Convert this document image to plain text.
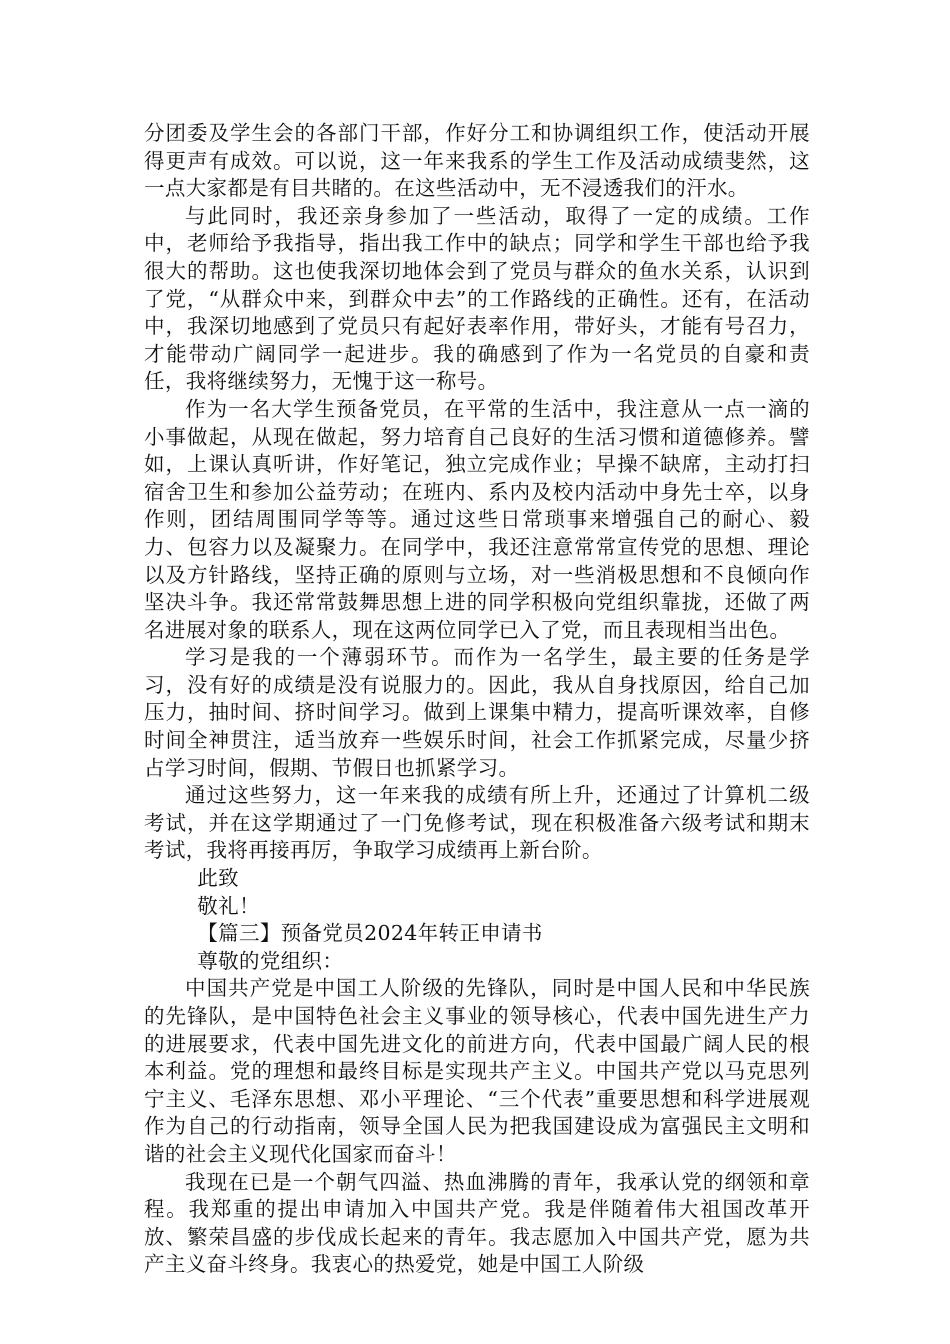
分团委及学生会的各部门干部，作好分工和协调组织工作，使活动开展得更声有成效。可以说，这一年来我系的学生工作及活动成绩斐然，这一点大家都是有目共睹的。在这些活动中，无不浸透我们的汗水。

与此同时，我还亲身参加了一些活动，取得了一定的成绩。工作中，老师给予我指导，指出我工作中的缺点；同学和学生干部也给予我很大的帮助。这也使我深切地体会到了党员与群众的鱼水关系，认识到了党，“从群众中来，到群众中去”的工作路线的正确性。还有，在活动中，我深切地感到了党员只有起好表率作用，带好头，才能有号召力，才能带动广阔同学一起进步。我的确感到了作为一名党员的自豪和责任，我将继续努力，无愧于这一称号。

作为一名大学生预备党员，在平常的生活中，我注意从一点一滴的小事做起，从现在做起，努力培育自己良好的生活习惯和道德修养。譬如，上课认真听讲，作好笔记，独立完成作业；早操不缺席，主动打扫宿舍卫生和参加公益劳动；在班内、系内及校内活动中身先士卒，以身作则，团结周围同学等等。通过这些日常琐事来增强自己的耐心、毅力、包容力以及凝聚力。在同学中，我还注意常常宣传党的思想、理论以及方针路线，坚持正确的原则与立场，对一些消极思想和不良倾向作坚决斗争。我还常常鼓舞思想上进的同学积极向党组织靠拢，还做了两名进展对象的联系人，现在这两位同学已入了党，而且表现相当出色。

学习是我的一个薄弱环节。而作为一名学生，最主要的任务是学习，没有好的成绩是没有说服力的。因此，我从自身找原因，给自己加压力，抽时间、挤时间学习。做到上课集中精力，提高听课效率，自修时间全神贯注，适当放弃一些娱乐时间，社会工作抓紧完成，尽量少挤占学习时间，假期、节假日也抓紧学习。

通过这些努力，这一年来我的成绩有所上升，还通过了计算机二级考试，并在这学期通过了一门免修考试，现在积极准备六级考试和期末考试，我将再接再厉，争取学习成绩再上新台阶。

此致

敬礼！

【篇三】预备党员2024年转正申请书

尊敬的党组织：

中国共产党是中国工人阶级的先锋队，同时是中国人民和中华民族的先锋队，是中国特色社会主义事业的领导核心，代表中国先进生产力的进展要求，代表中国先进文化的前进方向，代表中国最广阔人民的根本利益。党的理想和最终目标是实现共产主义。中国共产党以马克思列宁主义、毛泽东思想、邓小平理论、“三个代表”重要思想和科学进展观作为自己的行动指南，领导全国人民为把我国建设成为富强民主文明和谐的社会主义现代化国家而奋斗！

我现在已是一个朝气四溢、热血沸腾的青年，我承认党的纲领和章程。我郑重的提出申请加入中国共产党。我是伴随着伟大祖国改革开放、繁荣昌盛的步伐成长起来的青年。我志愿加入中国共产党，愿为共产主义奋斗终身。我衷心的热爱党，她是中国工人阶级
